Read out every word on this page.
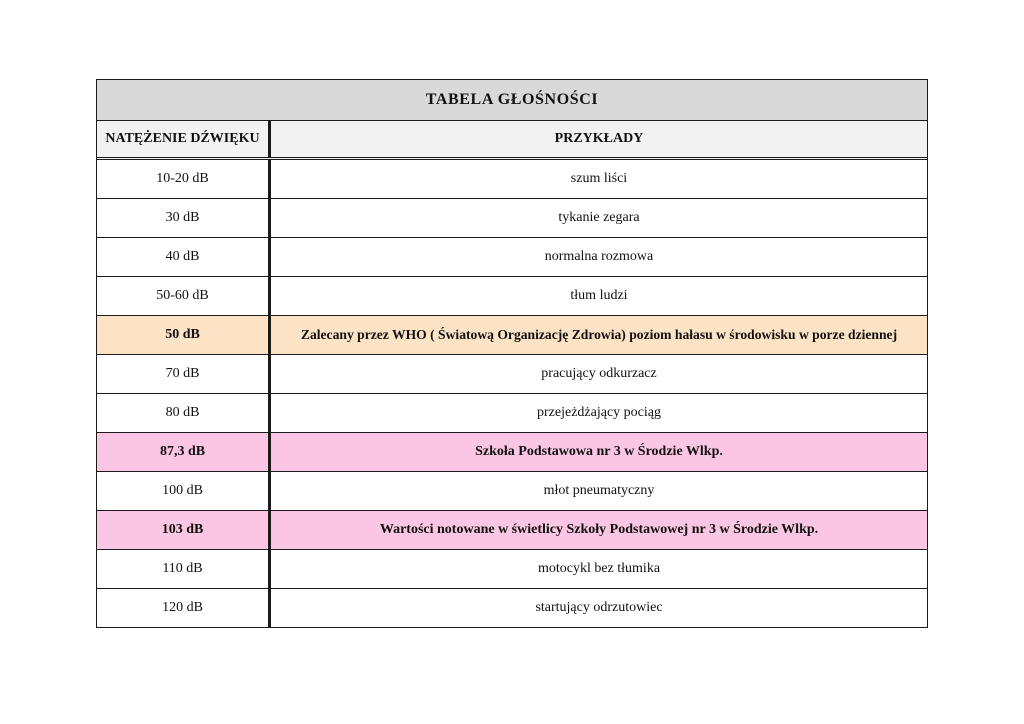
TABELA GŁOŚNOŚCI
NATĘŻENIE DŹWIĘKU	PRZYKŁADY
10-20 dB	szum liści
30 dB	tykanie zegara
40 dB	normalna rozmowa
50-60 dB	tłum ludzi
50 dB	Zalecany przez WHO ( Światową Organizację Zdrowia) poziom hałasu w środowisku w porze dziennej
70 dB	pracujący odkurzacz
80 dB	przejeżdżający pociąg
87,3 dB	Szkoła Podstawowa nr 3 w Środzie Wlkp.
100 dB	młot pneumatyczny
103 dB	Wartości notowane w świetlicy Szkoły Podstawowej nr 3 w Środzie Wlkp.
110 dB	motocykl bez tłumika
120 dB	startujący odrzutowiec
